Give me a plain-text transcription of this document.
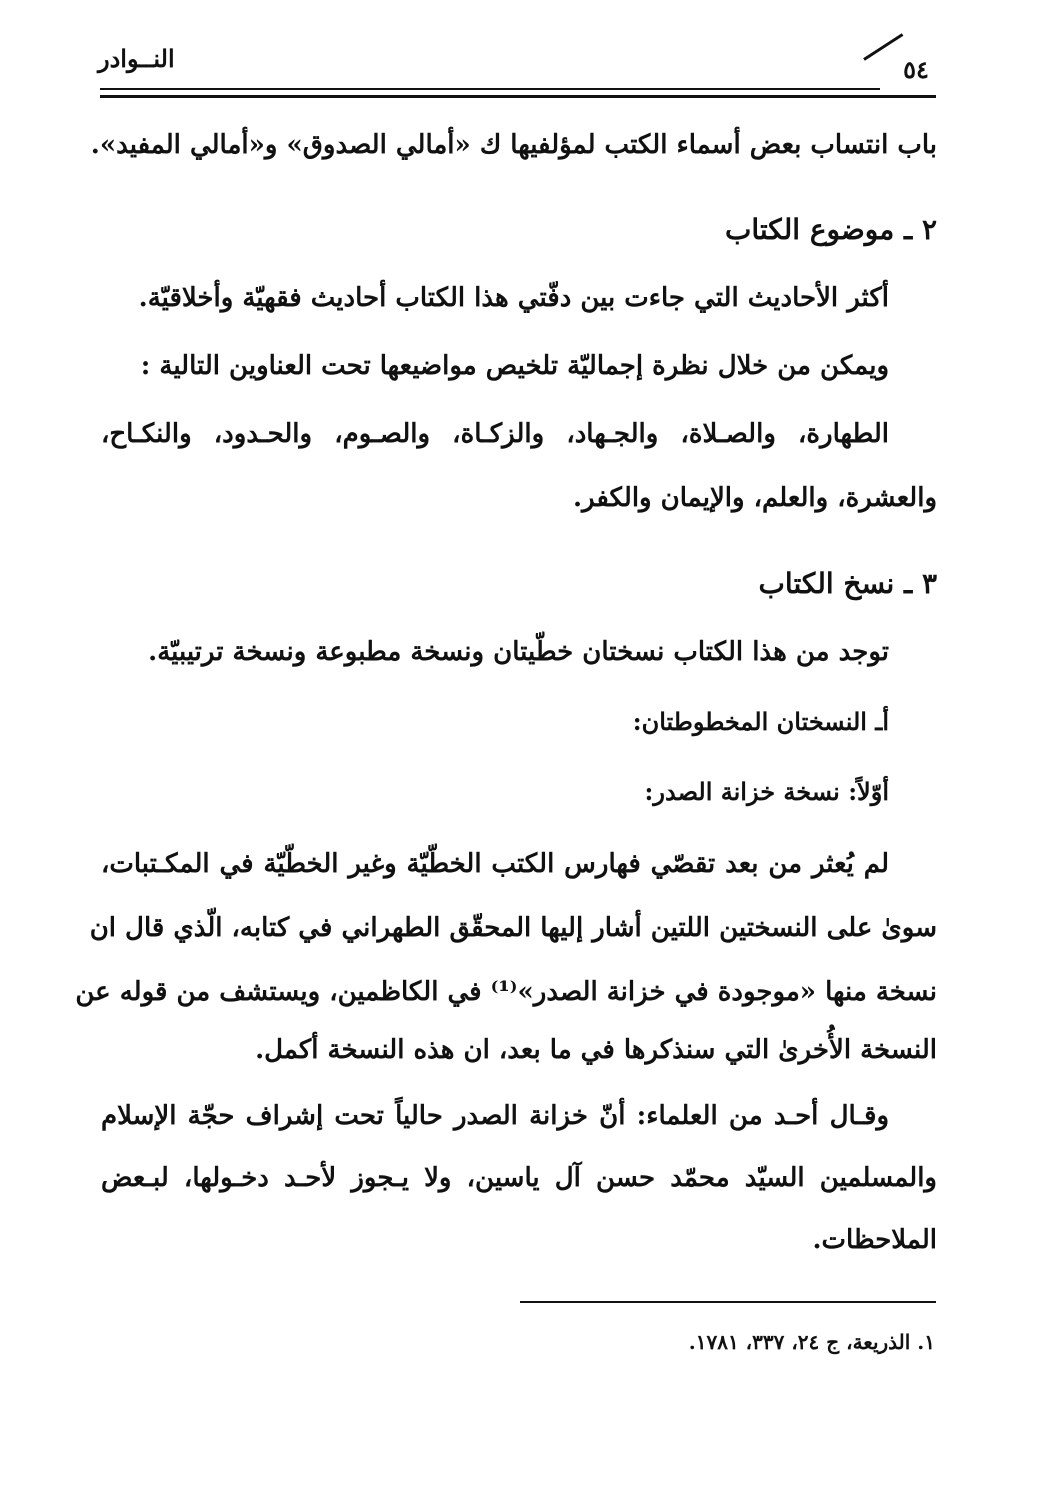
النــوادر	٥٤
باب انتساب بعض أسماء الكتب لمؤلفيها ك «أمالي الصدوق» و«أمالي المفيد».
٢ ـ موضوع الكتاب
أكثر الأحاديث التي جاءت بين دفّتي هذا الكتاب أحاديث فقهيّة وأخلاقيّة.
ويمكن من خلال نظرة إجماليّة تلخيص مواضيعها تحت العناوين التالية :
الطهارة، والصـلاة، والجـهاد، والزكـاة، والصـوم، والحـدود، والنكـاح،
والعشرة، والعلم، والإيمان والكفر.
٣ ـ نسخ الكتاب
توجد من هذا الكتاب نسختان خطّيتان ونسخة مطبوعة ونسخة ترتيبيّة.
أـ النسختان المخطوطتان:
أوّلاً: نسخة خزانة الصدر:
لم يُعثر من بعد تقصّي فهارس الكتب الخطّيّة وغير الخطّيّة في المكـتبات،
سوىٰ على النسختين اللتين أشار إليها المحقّق الطهراني في كتابه، الّذي قال ان
نسخة منها «موجودة في خزانة الصدر»⁽¹⁾ في الكاظمين، ويستشف من قوله عن
النسخة الأُخرىٰ التي سنذكرها في ما بعد، ان هذه النسخة أكمل.
وقـال أحـد من العلماء: أنّ خزانة الصدر حالياً تحت إشراف حجّة الإسلام
والمسلمين السيّد محمّد حسن آل ياسين، ولا يـجوز لأحـد دخـولها، لبـعض
الملاحظات.
١. الذريعة، ج ٢٤، ٣٣٧، ١٧٨١.
